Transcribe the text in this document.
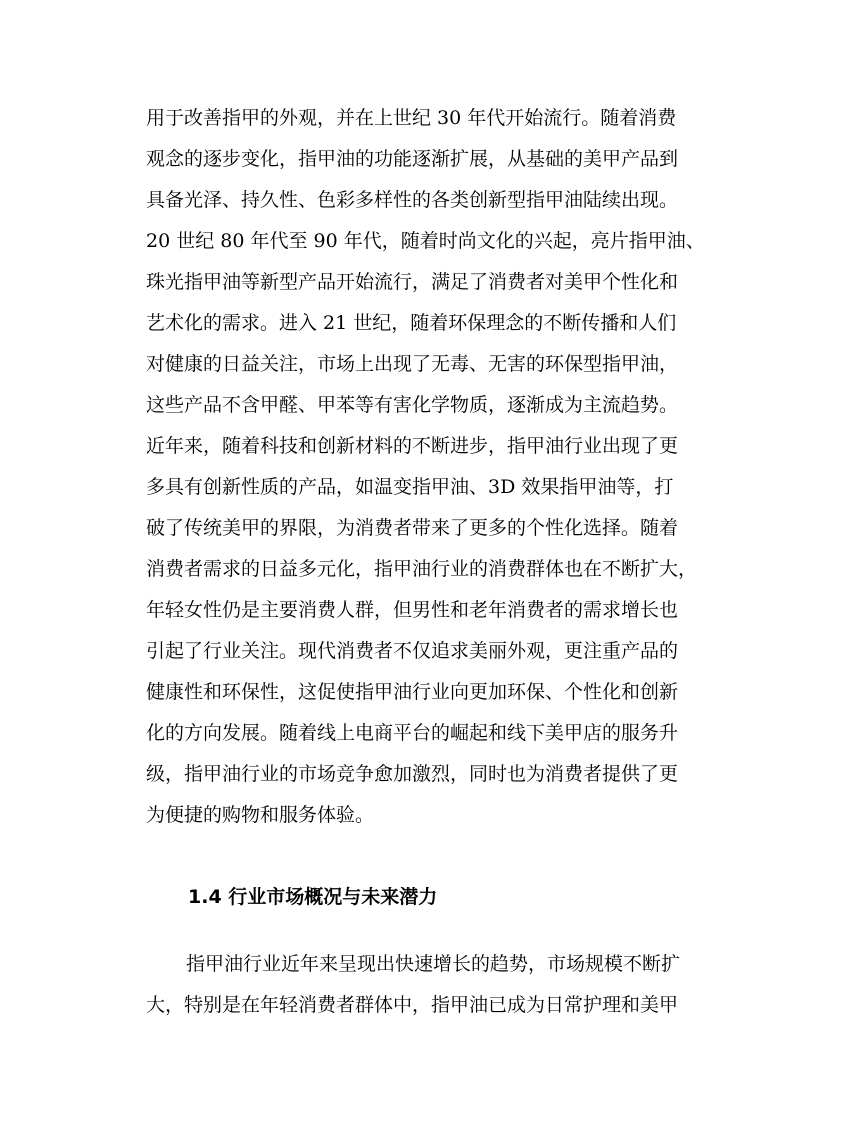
用于改善指甲的外观，并在上世纪 30 年代开始流行。随着消费
观念的逐步变化，指甲油的功能逐渐扩展，从基础的美甲产品到
具备光泽、持久性、色彩多样性的各类创新型指甲油陆续出现。
20 世纪 80 年代至 90 年代，随着时尚文化的兴起，亮片指甲油、
珠光指甲油等新型产品开始流行，满足了消费者对美甲个性化和
艺术化的需求。进入 21 世纪，随着环保理念的不断传播和人们
对健康的日益关注，市场上出现了无毒、无害的环保型指甲油，
这些产品不含甲醛、甲苯等有害化学物质，逐渐成为主流趋势。
近年来，随着科技和创新材料的不断进步，指甲油行业出现了更
多具有创新性质的产品，如温变指甲油、3D 效果指甲油等，打
破了传统美甲的界限，为消费者带来了更多的个性化选择。随着
消费者需求的日益多元化，指甲油行业的消费群体也在不断扩大，
年轻女性仍是主要消费人群，但男性和老年消费者的需求增长也
引起了行业关注。现代消费者不仅追求美丽外观，更注重产品的
健康性和环保性，这促使指甲油行业向更加环保、个性化和创新
化的方向发展。随着线上电商平台的崛起和线下美甲店的服务升
级，指甲油行业的市场竞争愈加激烈，同时也为消费者提供了更
为便捷的购物和服务体验。
1.4 行业市场概况与未来潜力
指甲油行业近年来呈现出快速增长的趋势，市场规模不断扩
大，特别是在年轻消费者群体中，指甲油已成为日常护理和美甲
